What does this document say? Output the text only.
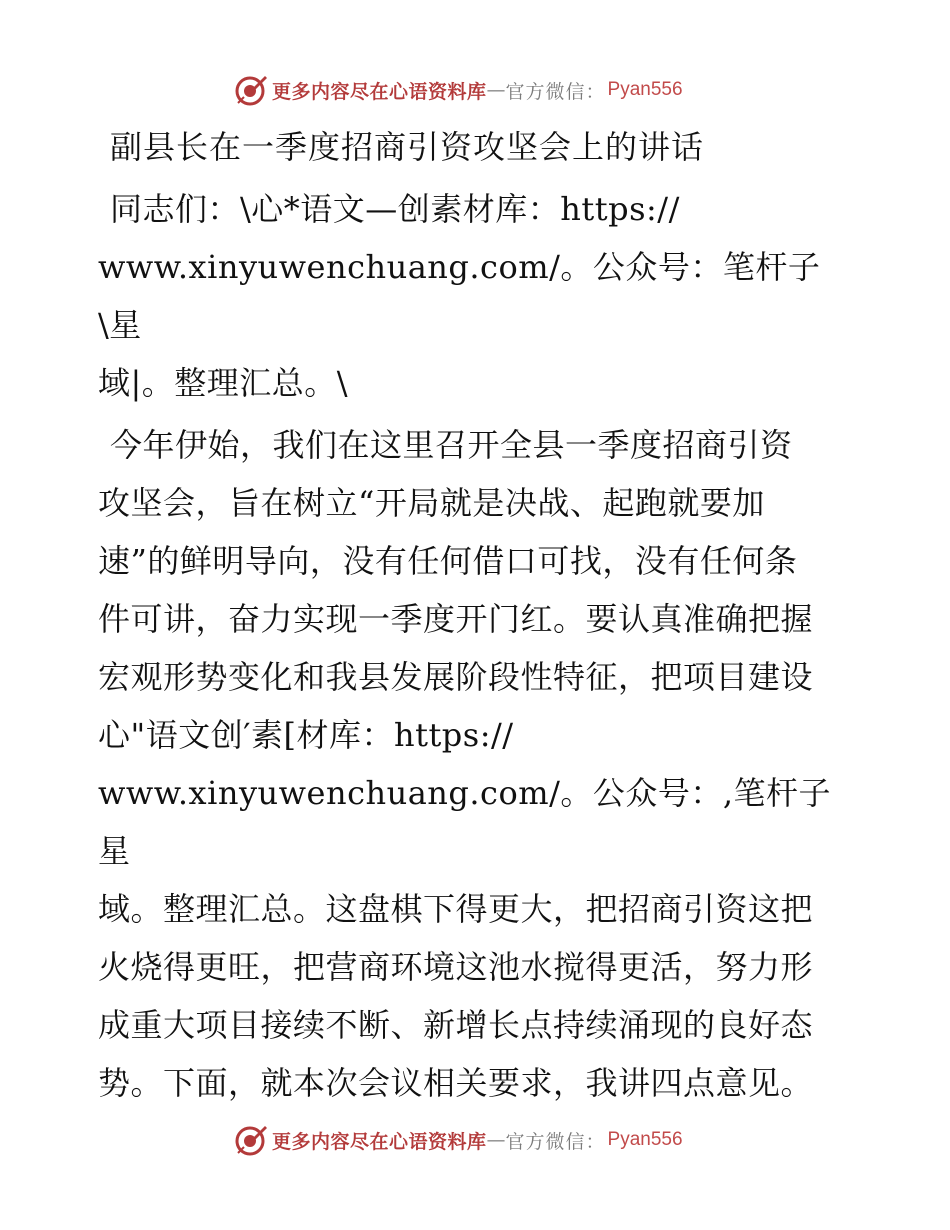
更多内容尽在心语资料库 — 官方微信： Pyan556
副县长在一季度招商引资攻坚会上的讲话

同志们：\心*语文—创素材库：https://

www.xinyuwenchuang.com/。公众号：笔杆子\星

域|。整理汇总。\

今年伊始，我们在这里召开全县一季度招商引资

攻坚会，旨在树立“开局就是决战、起跑就要加

速”的鲜明导向，没有任何借口可找，没有任何条

件可讲，奋力实现一季度开门红。要认真准确把握

宏观形势变化和我县发展阶段性特征，把项目建设

心"语文创′素[材库：https://

www.xinyuwenchuang.com/。公众号：,笔杆子星

域。整理汇总。这盘棋下得更大，把招商引资这把

火烧得更旺，把营商环境这池水搅得更活，努力形

成重大项目接续不断、新增长点持续涌现的良好态

势。下面，就本次会议相关要求，我讲四点意见。

更多内容尽在心语资料库 — 官方微信： Pyan556
